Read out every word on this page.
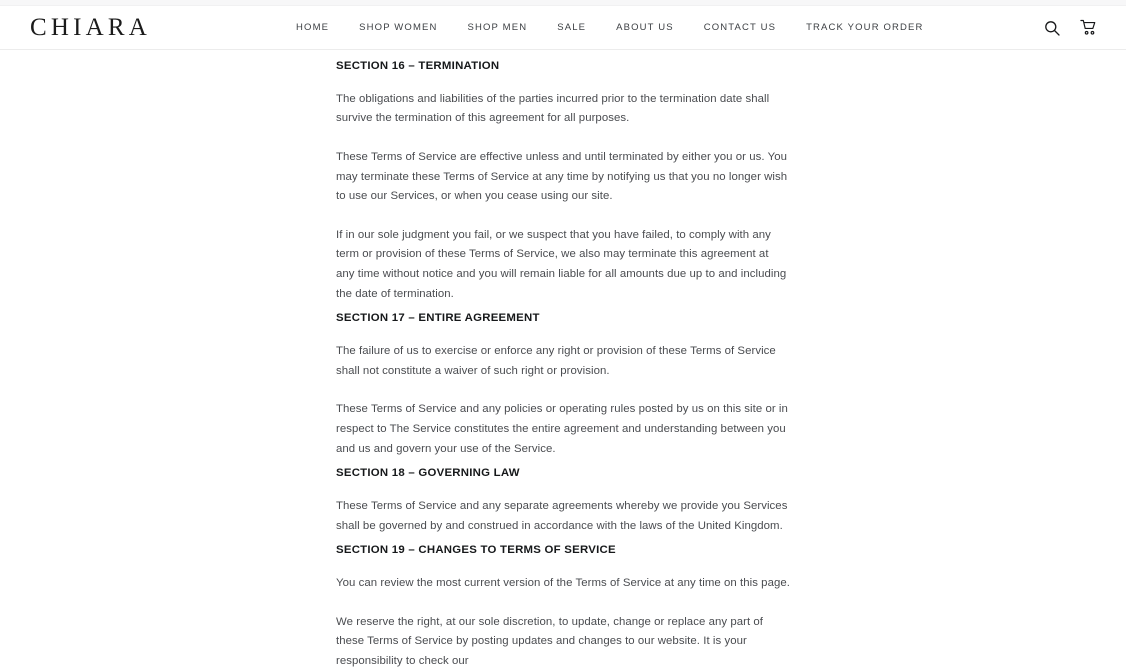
CHIARA	HOME	SHOP WOMEN	SHOP MEN	SALE	ABOUT US	CONTACT US	TRACK YOUR ORDER
SECTION 16 – TERMINATION

The obligations and liabilities of the parties incurred prior to the termination date shall survive the termination of this agreement for all purposes.

These Terms of Service are effective unless and until terminated by either you or us. You may terminate these Terms of Service at any time by notifying us that you no longer wish to use our Services, or when you cease using our site.

If in our sole judgment you fail, or we suspect that you have failed, to comply with any term or provision of these Terms of Service, we also may terminate this agreement at any time without notice and you will remain liable for all amounts due up to and including the date of termination.

SECTION 17 – ENTIRE AGREEMENT

The failure of us to exercise or enforce any right or provision of these Terms of Service shall not constitute a waiver of such right or provision.

These Terms of Service and any policies or operating rules posted by us on this site or in respect to The Service constitutes the entire agreement and understanding between you and us and govern your use of the Service.

SECTION 18 – GOVERNING LAW

These Terms of Service and any separate agreements whereby we provide you Services shall be governed by and construed in accordance with the laws of the United Kingdom.

SECTION 19 – CHANGES TO TERMS OF SERVICE

You can review the most current version of the Terms of Service at any time on this page.

We reserve the right, at our sole discretion, to update, change or replace any part of these Terms of Service by posting updates and changes to our website. It is your responsibility to check our
